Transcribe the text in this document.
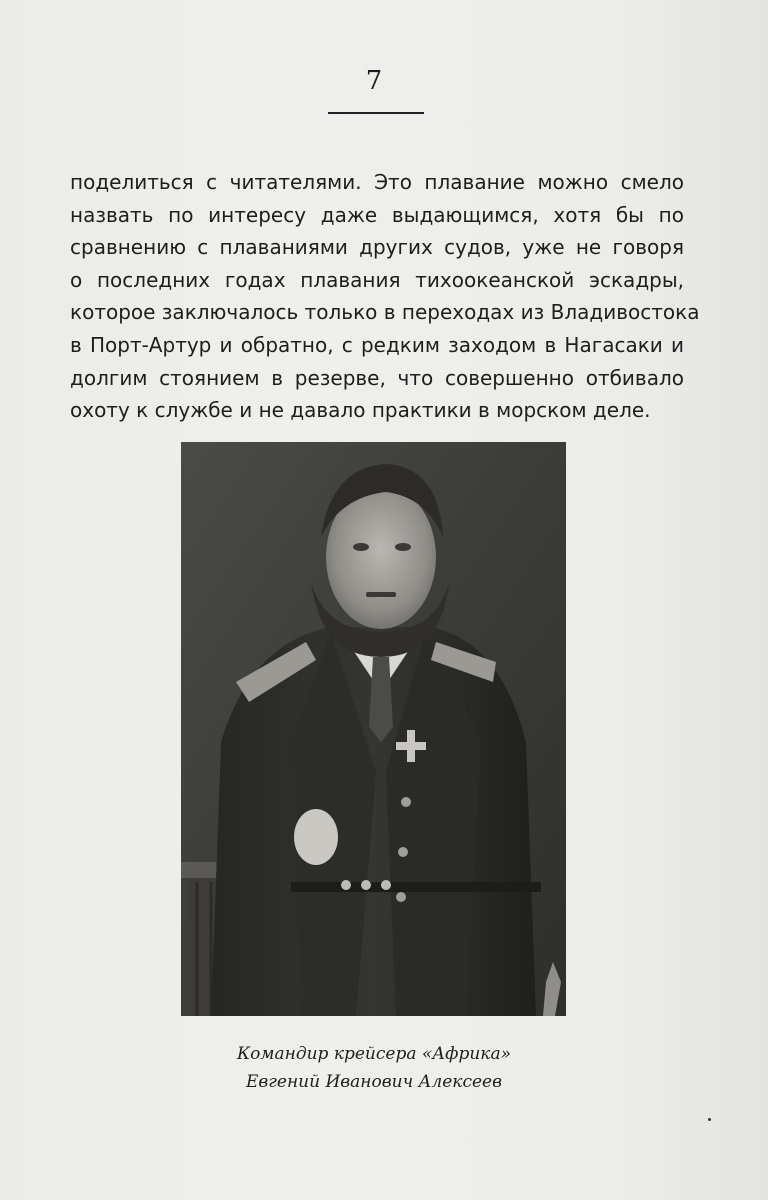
7
поделиться с читателями. Это плавание можно смело
назвать по интересу даже выдающимся, хотя бы по
сравнению с плаваниями других судов, уже не говоря
о последних годах плавания тихоокеанской эскадры,
которое заключалось только в переходах из Владивостока
в Порт-Артур и обратно, с редким заходом в Нагасаки и
долгим стоянием в резерве, что совершенно отбивало
охоту к службе и не давало практики в морском деле.
Командир крейсера «Африка»
Евгений Иванович Алексеев
